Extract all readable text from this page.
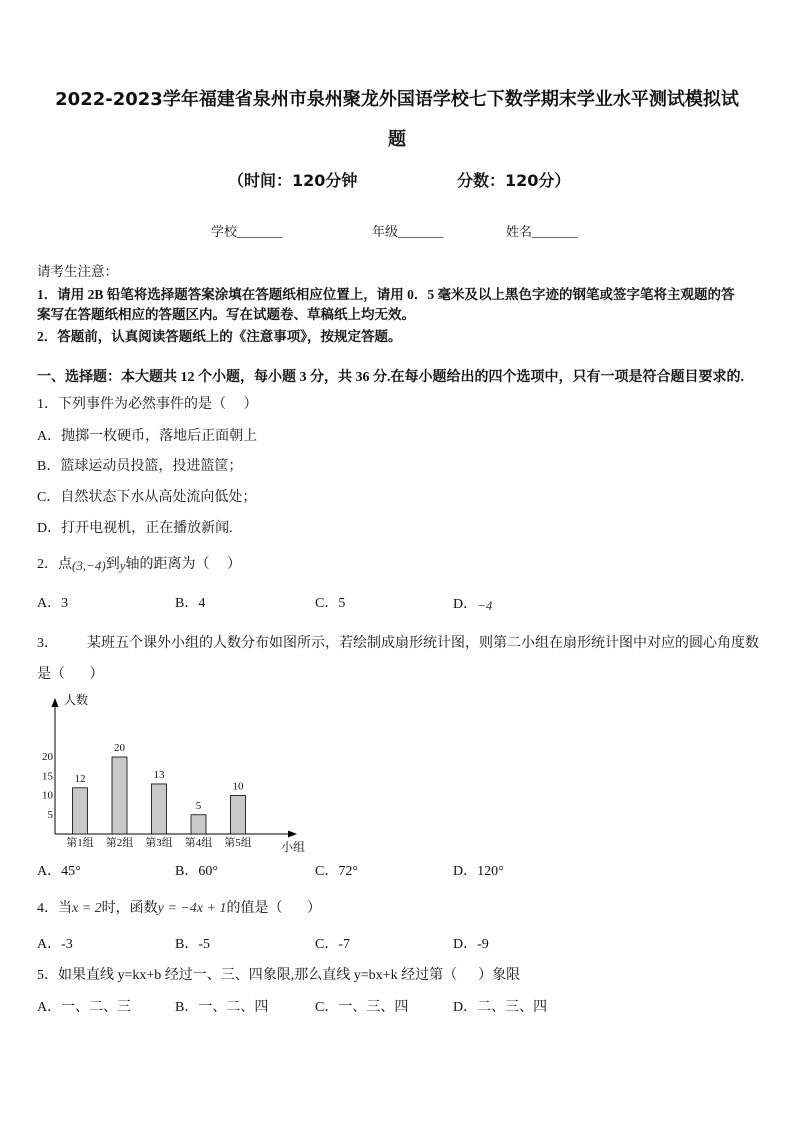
2022-2023学年福建省泉州市泉州聚龙外国语学校七下数学期末学业水平测试模拟试
题
（时间：120分钟	分数：120分）
学校_______	年级_______	姓名_______
请考生注意：
1．请用 2B 铅笔将选择题答案涂填在答题纸相应位置上，请用 0．5 毫米及以上黑色字迹的钢笔或签字笔将主观题的答
案写在答题纸相应的答题区内。写在试题卷、草稿纸上均无效。
2．答题前，认真阅读答题纸上的《注意事项》，按规定答题。
一、选择题：本大题共 12 个小题，每小题 3 分，共 36 分.在每小题给出的四个选项中，只有一项是符合题目要求的.
1．下列事件为必然事件的是（     ）
A．抛掷一枚硬币，落地后正面朝上
B．篮球运动员投篮，投进篮筐；
C．自然状态下水从高处流向低处；
D．打开电视机，正在播放新闻.
2．点(3,−4)到y轴的距离为（     ）
A．3	B．4	C．5	D．−4
3． 某班五个课外小组的人数分布如图所示，若绘制成扇形统计图，则第二小组在扇形统计图中对应的圆心角度数
是（       ）
人数
小组
5
10
15
20
12
第1组
20
第2组
13
第3组
5
第4组
10
第5组
A．45°	B．60°	C．72°	D．120°
4．当x = 2时，函数y = −4x + 1的值是（       ）
A．-3	B．-5	C．-7	D．-9
5．如果直线 y=kx+b 经过一、三、四象限,那么直线 y=bx+k 经过第（      ）象限
A．一、二、三	B．一、二、四	C．一、三、四	D．二、三、四
